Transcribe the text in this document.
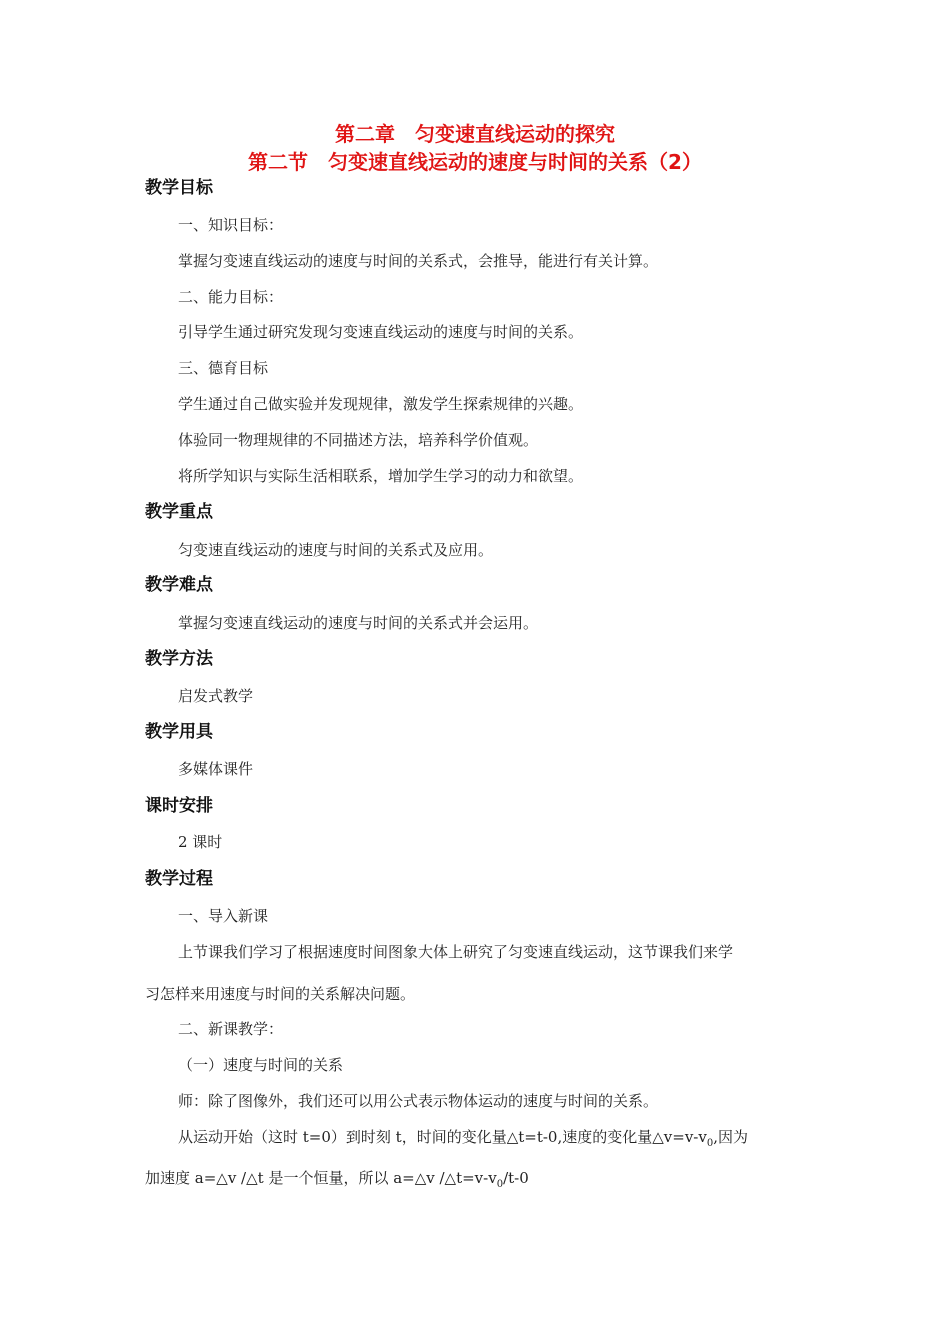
第二章　匀变速直线运动的探究
第二节　匀变速直线运动的速度与时间的关系（2）
教学目标
一、知识目标：
掌握匀变速直线运动的速度与时间的关系式，会推导，能进行有关计算。
二、能力目标：
引导学生通过研究发现匀变速直线运动的速度与时间的关系。
三、德育目标
学生通过自己做实验并发现规律，激发学生探索规律的兴趣。
体验同一物理规律的不同描述方法，培养科学价值观。
将所学知识与实际生活相联系，增加学生学习的动力和欲望。
教学重点
匀变速直线运动的速度与时间的关系式及应用。
教学难点
掌握匀变速直线运动的速度与时间的关系式并会运用。
教学方法
启发式教学
教学用具
多媒体课件
课时安排
2 课时
教学过程
一、导入新课
上节课我们学习了根据速度时间图象大体上研究了匀变速直线运动，这节课我们来学
习怎样来用速度与时间的关系解决问题。
二、新课教学：
（一）速度与时间的关系
师：除了图像外，我们还可以用公式表示物体运动的速度与时间的关系。
从运动开始（这时 t=0）到时刻 t，时间的变化量△t=t-0,速度的变化量$\triangle v=v-v_0$,因为
加速度 a=△v /△t 是一个恒量，所以 a=△v $/\triangle t=v-v_0/t-0$
